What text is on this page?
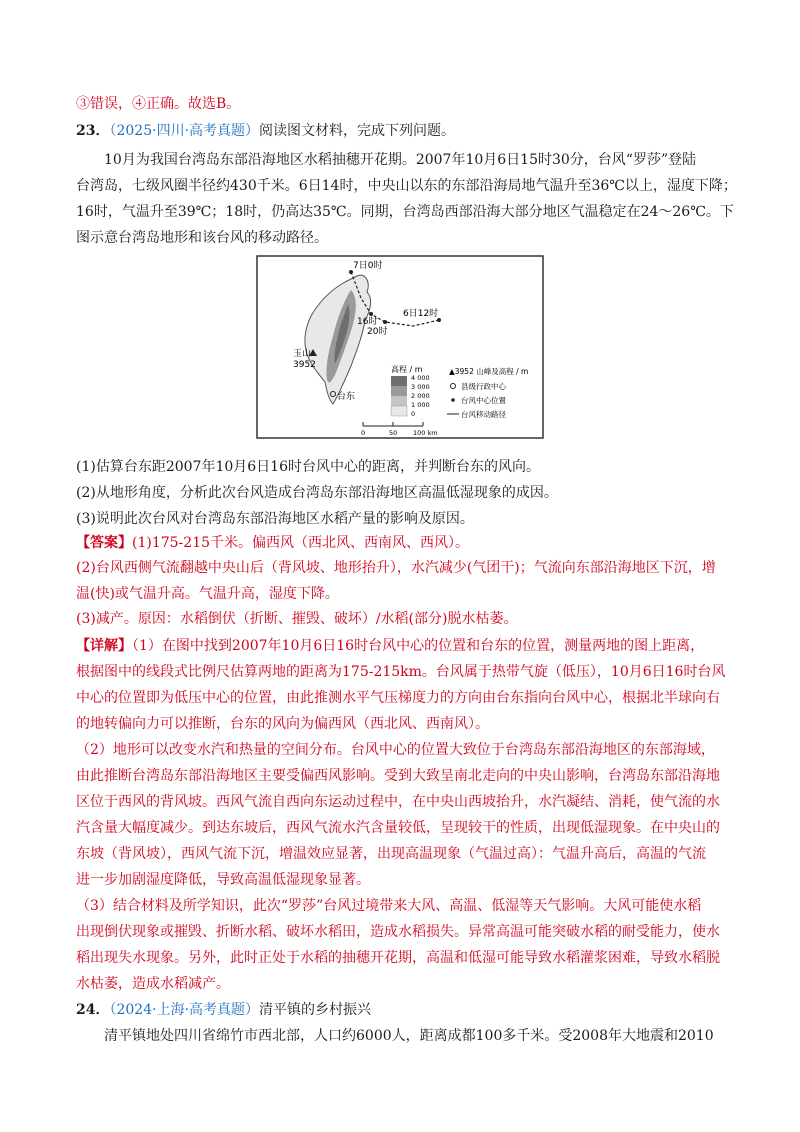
③错误，④正确。故选B。
23．（2025·四川·高考真题）阅读图文材料，完成下列问题。
10月为我国台湾岛东部沿海地区水稻抽穗开花期。2007年10月6日15时30分，台风“罗莎”登陆
台湾岛，七级风圈半径约430千米。6日14时，中央山以东的东部沿海局地气温升至36℃以上，湿度下降；
16时，气温升至39℃；18时，仍高达35℃。同期，台湾岛西部沿海大部分地区气温稳定在24～26℃。下
图示意台湾岛地形和该台风的移动路径。
7日0时
6日12时
16时
20时
玉山
3952
台东
高程 / m
4 000
3 000
2 000
1 000
0
▲3952 山峰及高程 / m
县级行政中心
台风中心位置
台风移动路径
0	50 100 km
(1)估算台东距2007年10月6日16时台风中心的距离，并判断台东的风向。
(2)从地形角度，分析此次台风造成台湾岛东部沿海地区高温低湿现象的成因。
(3)说明此次台风对台湾岛东部沿海地区水稻产量的影响及原因。
【答案】(1)175-215千米。偏西风（西北风、西南风、西风）。
(2)台风西侧气流翻越中央山后（背风坡、地形抬升），水汽减少(气团干)；气流向东部沿海地区下沉，增
温(快)或气温升高。气温升高，湿度下降。
(3)减产。原因：水稻倒伏（折断、摧毁、破坏）/水稻(部分)脱水枯萎。
【详解】（1）在图中找到2007年10月6日16时台风中心的位置和台东的位置，测量两地的图上距离，
根据图中的线段式比例尺估算两地的距离为175-215km。台风属于热带气旋（低压），10月6日16时台风
中心的位置即为低压中心的位置，由此推测水平气压梯度力的方向由台东指向台风中心，根据北半球向右
的地转偏向力可以推断，台东的风向为偏西风（西北风、西南风）。
（2）地形可以改变水汽和热量的空间分布。台风中心的位置大致位于台湾岛东部沿海地区的东部海域，
由此推断台湾岛东部沿海地区主要受偏西风影响。受到大致呈南北走向的中央山影响，台湾岛东部沿海地
区位于西风的背风坡。西风气流自西向东运动过程中，在中央山西坡抬升，水汽凝结、消耗，使气流的水
汽含量大幅度减少。到达东坡后，西风气流水汽含量较低，呈现较干的性质，出现低湿现象。在中央山的
东坡（背风坡），西风气流下沉，增温效应显著，出现高温现象（气温过高）：气温升高后，高温的气流
进一步加剧湿度降低，导致高温低湿现象显著。
（3）结合材料及所学知识，此次“罗莎”台风过境带来大风、高温、低湿等天气影响。大风可能使水稻
出现倒伏现象或摧毁、折断水稻、破坏水稻田，造成水稻损失。异常高温可能突破水稻的耐受能力，使水
稻出现失水现象。另外，此时正处于水稻的抽穗开花期，高温和低湿可能导致水稻灌浆困难，导致水稻脱
水枯萎，造成水稻减产。
24．（2024·上海·高考真题）清平镇的乡村振兴
清平镇地处四川省绵竹市西北部，人口约6000人，距离成都100多千米。受2008年大地震和2010
